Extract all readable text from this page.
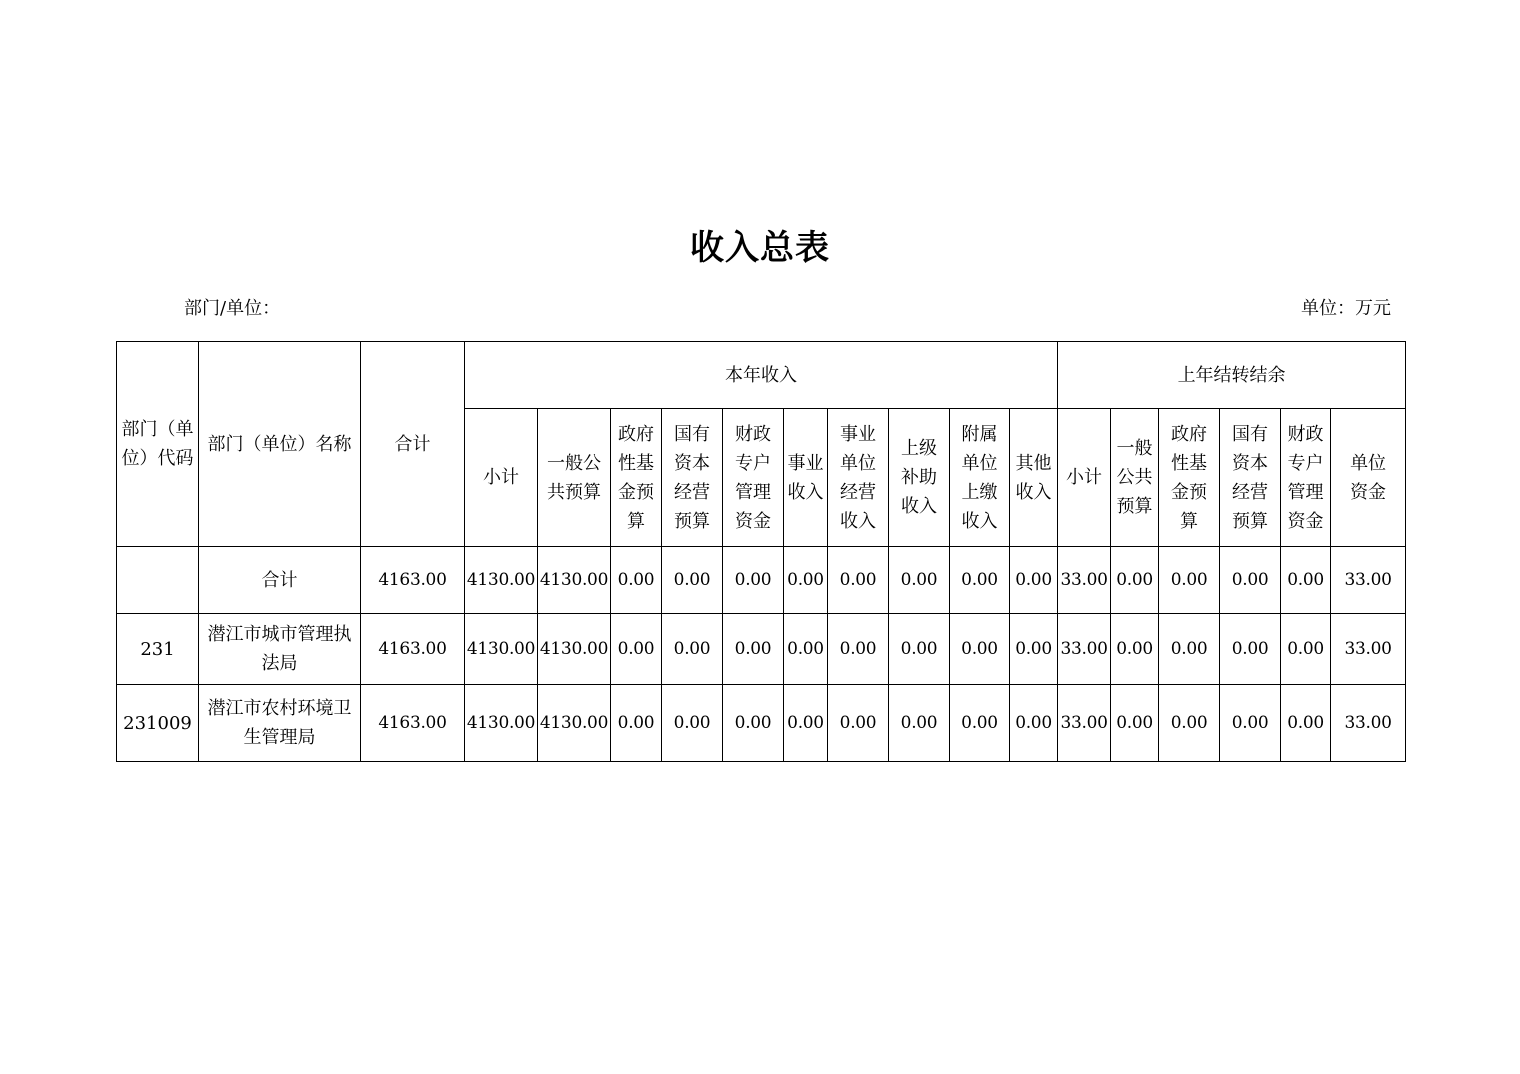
收入总表
部门/单位：	单位：万元
部门（单位）代码	部门（单位）名称	合计	本年收入										上年结转结余					

			小计	一般公共预算	政府性基金预算	国有资本经营预算	财政专户管理资金	事业收入	事业单位经营收入	上级补助收入	附属单位上缴收入	其他收入	小计	一般公共预算	政府性基金预算	国有资本经营预算	财政专户管理资金	单位资金

	合计	4163.00	4130.00	4130.00	0.00	0.00	0.00	0.00	0.00	0.00	0.00	0.00	33.00	0.00	0.00	0.00	0.00	33.00
231	潜江市城市管理执法局	4163.00	4130.00	4130.00	0.00	0.00	0.00	0.00	0.00	0.00	0.00	0.00	33.00	0.00	0.00	0.00	0.00	33.00
231009	潜江市农村环境卫生管理局	4163.00	4130.00	4130.00	0.00	0.00	0.00	0.00	0.00	0.00	0.00	0.00	33.00	0.00	0.00	0.00	0.00	33.00
